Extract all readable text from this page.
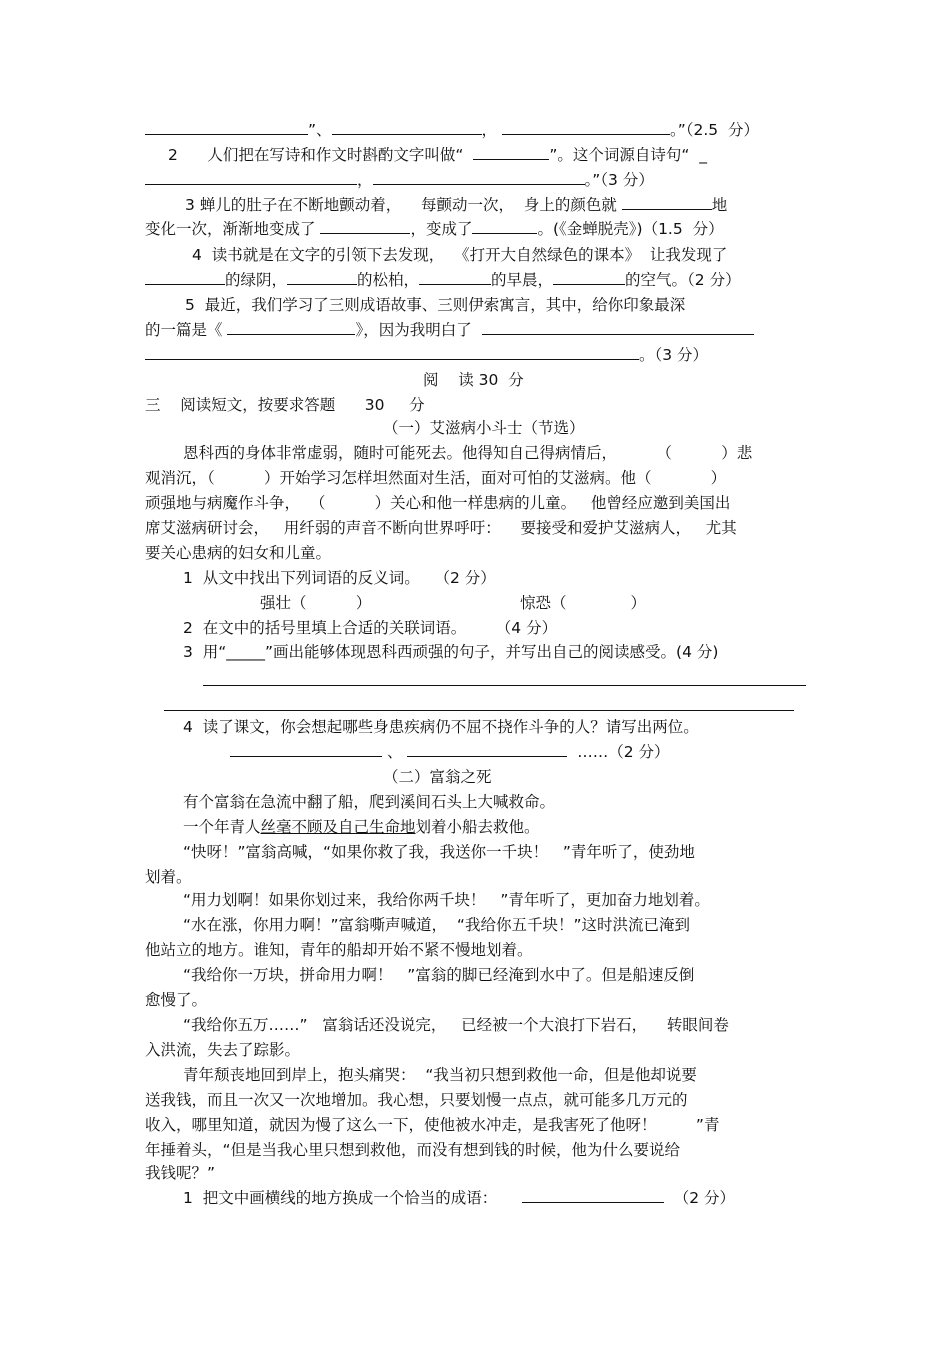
”、	，	。”（2.5  分）
2      人们把在写诗和作文时斟酌文字叫做“	”。这个词源自诗句“  _
，	。”（3 分）
3 蝉儿的肚子在不断地颤动着，    每颤动一次，  身上的颜色就	地
变化一次，渐渐地变成了	，变成了	。(《金蝉脱壳》)（1.5  分）
4  读书就是在文字的引领下去发现，  《打开大自然绿色的课本》  让我发现了
的绿阴，	的松柏，	的早晨，	的空气。（2 分）
5  最近，我们学习了三则成语故事、三则伊索寓言，其中，给你印象最深
的一篇是《	》，因为我明白了
。（3 分）
阅    读 30  分
三    阅读短文，按要求答题      30     分
（一）艾滋病小斗士（节选）
恩科西的身体非常虚弱，随时可能死去。他得知自己得病情后，        （          ）悲
观消沉，（          ）开始学习怎样坦然面对生活，面对可怕的艾滋病。他（            ）
顽强地与病魔作斗争，  （          ）关心和他一样患病的儿童。   他曾经应邀到美国出
席艾滋病研讨会，   用纤弱的声音不断向世界呼吁：    要接受和爱护艾滋病人，   尤其
要关心患病的妇女和儿童。
1  从文中找出下列词语的反义词。   （2 分）
强壮（          ）	惊恐（             ）
2  在文中的括号里填上合适的关联词语。      （4 分）
3  用“_____”画出能够体现恩科西顽强的句子，并写出自己的阅读感受。(4 分)
4  读了课文，你会想起哪些身患疾病仍不屈不挠作斗争的人？请写出两位。
、	……（2 分）
（二）富翁之死
有个富翁在急流中翻了船，爬到溪间石头上大喊救命。
一个年青人丝毫不顾及自己生命地划着小船去救他。
“快呀！”富翁高喊，“如果你救了我，我送你一千块！   ”青年听了，使劲地
划着。
“用力划啊！如果你划过来，我给你两千块！   ”青年听了，更加奋力地划着。
“水在涨，你用力啊！”富翁嘶声喊道，  “我给你五千块！”这时洪流已淹到
他站立的地方。谁知，青年的船却开始不紧不慢地划着。
“我给你一万块，拼命用力啊！   ”富翁的脚已经淹到水中了。但是船速反倒
愈慢了。
“我给你五万……”   富翁话还没说完，   已经被一个大浪打下岩石，    转眼间卷
入洪流，失去了踪影。
青年颓丧地回到岸上，抱头痛哭：  “我当初只想到救他一命，但是他却说要
送我钱，而且一次又一次地增加。我心想，只要划慢一点点，就可能多几万元的
收入，哪里知道，就因为慢了这么一下，使他被水冲走，是我害死了他呀！        ”青
年捶着头，“但是当我心里只想到救他，而没有想到钱的时候，他为什么要说给
我钱呢？”
1  把文中画横线的地方换成一个恰当的成语：	（2 分）
